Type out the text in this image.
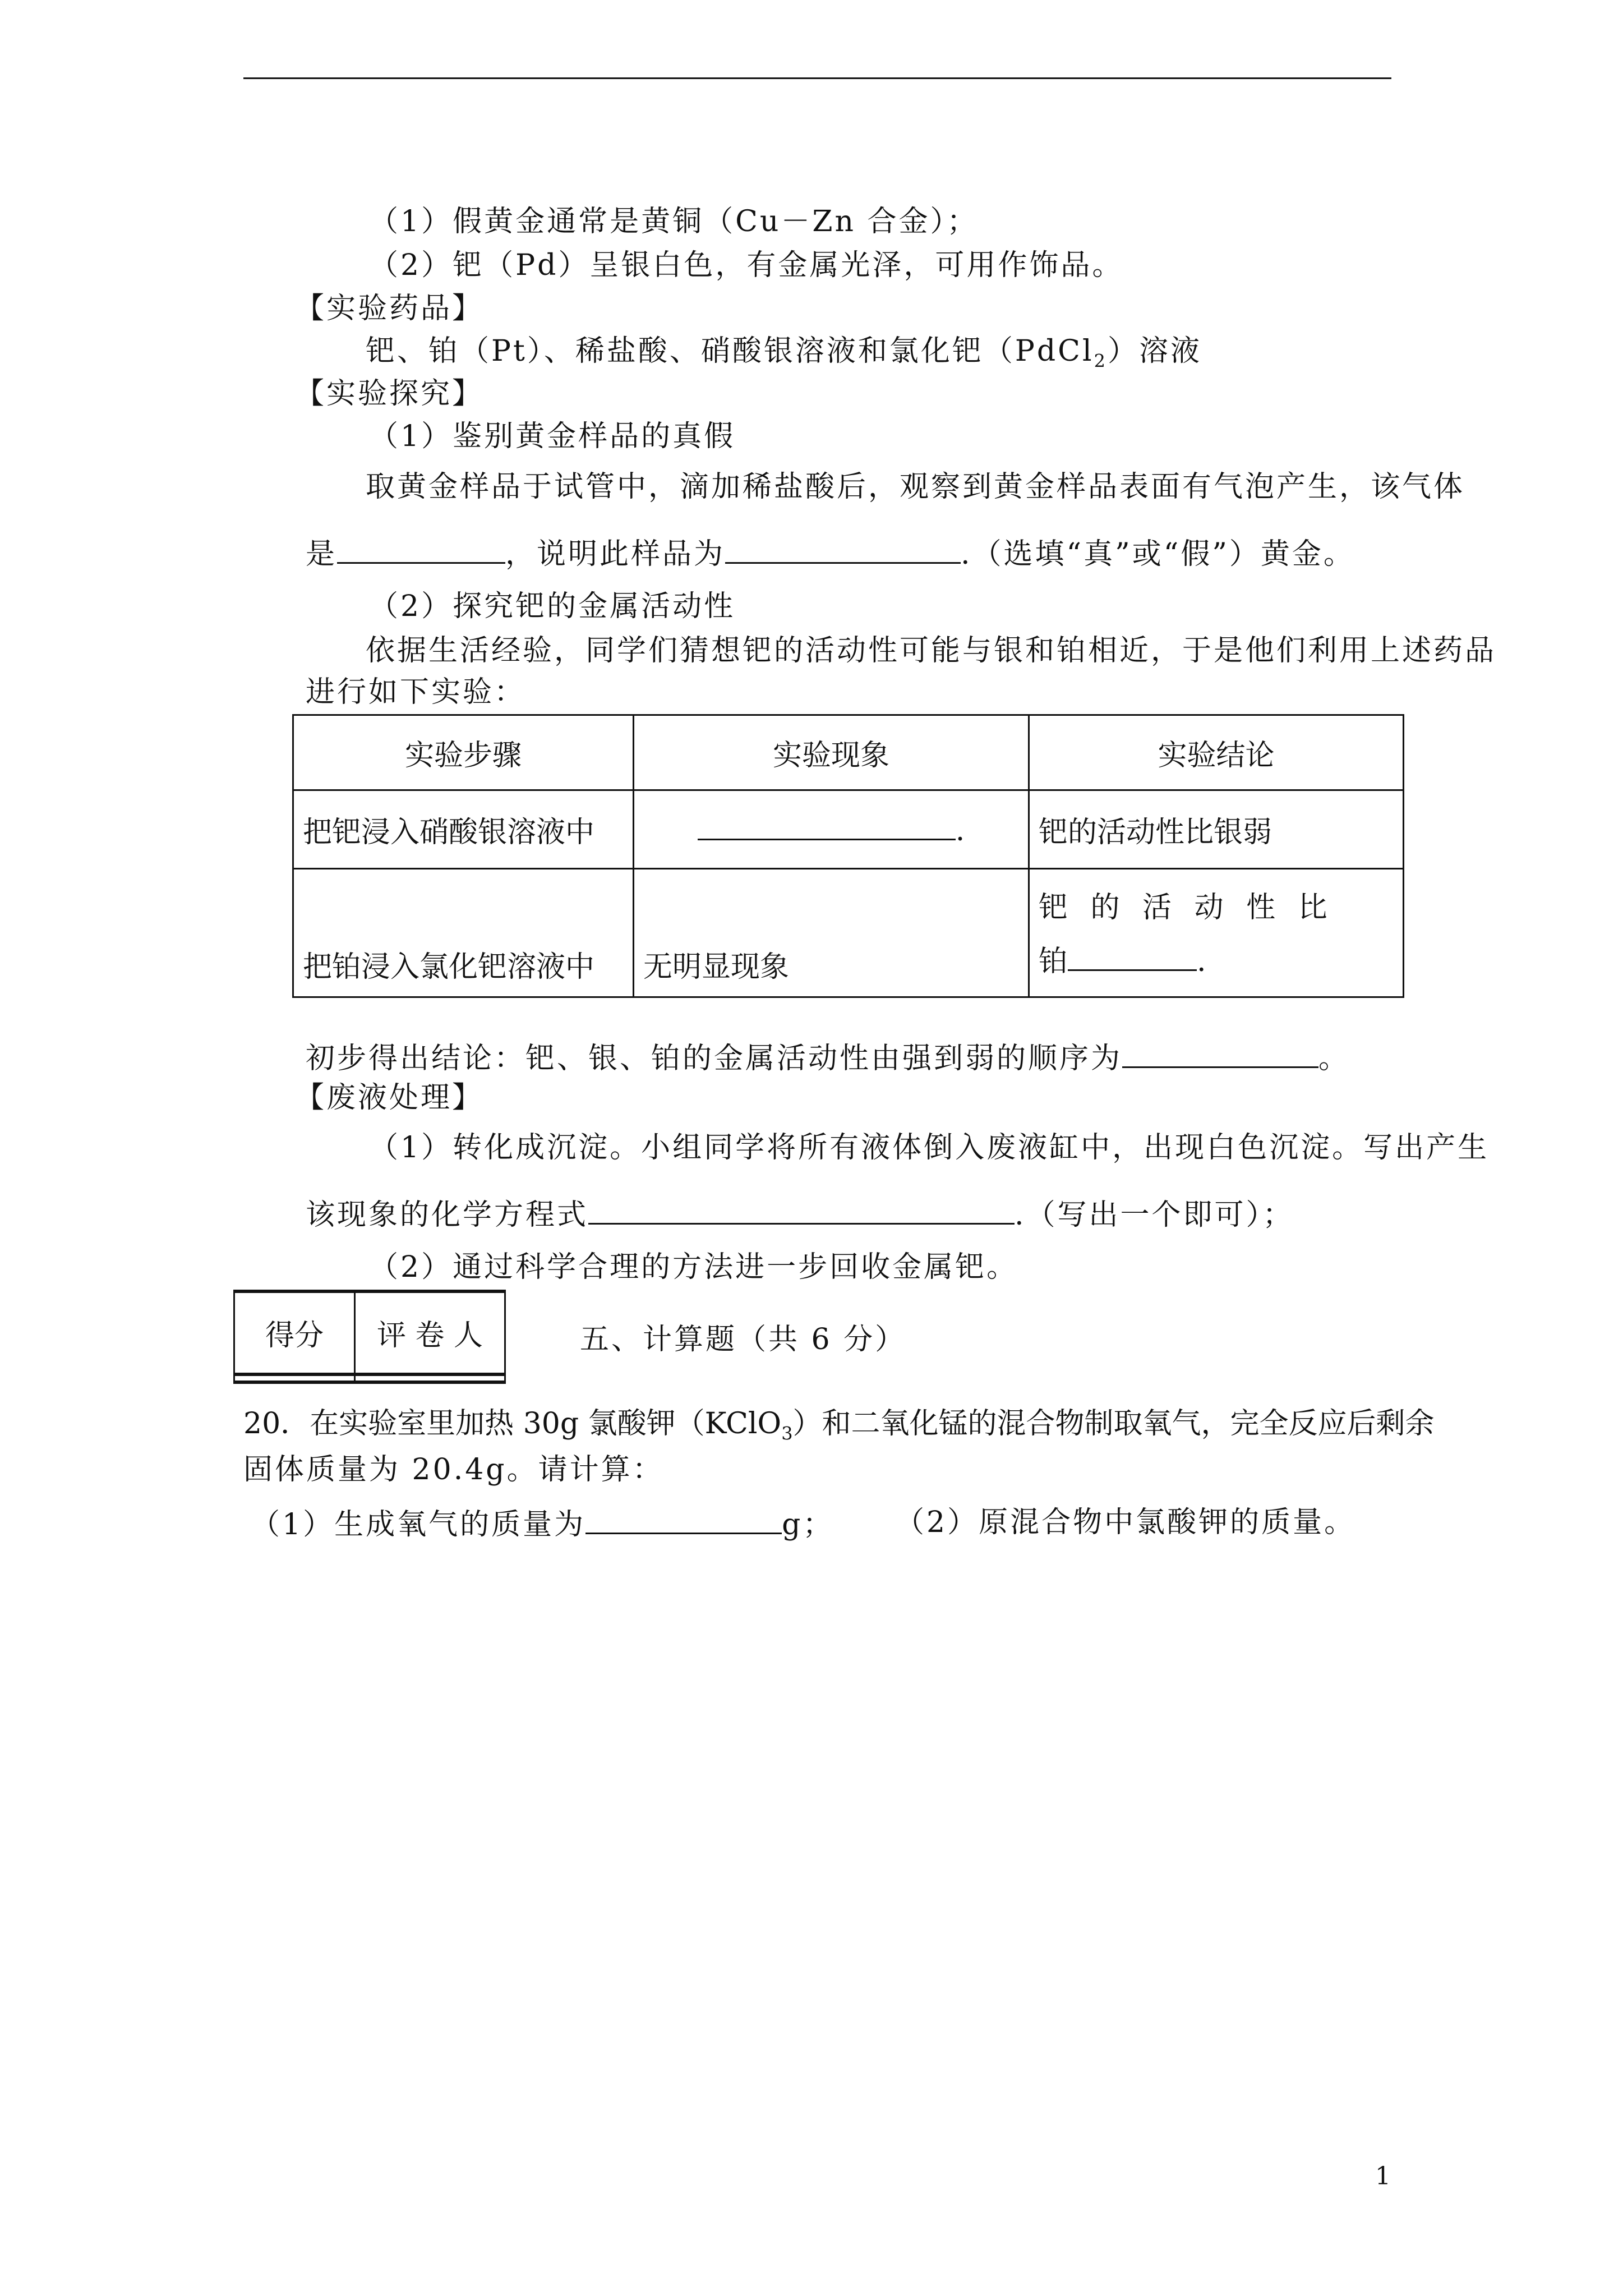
（1）假黄金通常是黄铜（Cu－Zn 合金）；
（2）钯（Pd）呈银白色，有金属光泽，可用作饰品。
【实验药品】
钯、铂（Pt）、稀盐酸、硝酸银溶液和氯化钯（PdCl$_2$）溶液
【实验探究】
（1）鉴别黄金样品的真假
取黄金样品于试管中，滴加稀盐酸后，观察到黄金样品表面有气泡产生，该气体
是	，说明此样品为	.（选填“真”或“假”）黄金。
（2）探究钯的金属活动性
依据生活经验，同学们猜想钯的活动性可能与银和铂相近，于是他们利用上述药品
进行如下实验：
实验步骤	实验现象	实验结论
把钯浸入硝酸银溶液中	.	钯的活动性比银弱
把铂浸入氯化钯溶液中	无明显现象	钯 的 活 动 性 比
铂 .
初步得出结论：钯、银、铂的金属活动性由强到弱的顺序为	。
【废液处理】
（1）转化成沉淀。小组同学将所有液体倒入废液缸中，出现白色沉淀。写出产生
该现象的化学方程式	.（写出一个即可）；
（2）通过科学合理的方法进一步回收金属钯。
得分	评 卷 人
		五、计算题（共 6 分）
20．在实验室里加热 30g 氯酸钾（KClO$_3$）和二氧化锰的混合物制取氧气，完全反应后剩余
固体质量为 20.4g。请计算：
（1）生成氧气的质量为	g； （2）原混合物中氯酸钾的质量。
1
